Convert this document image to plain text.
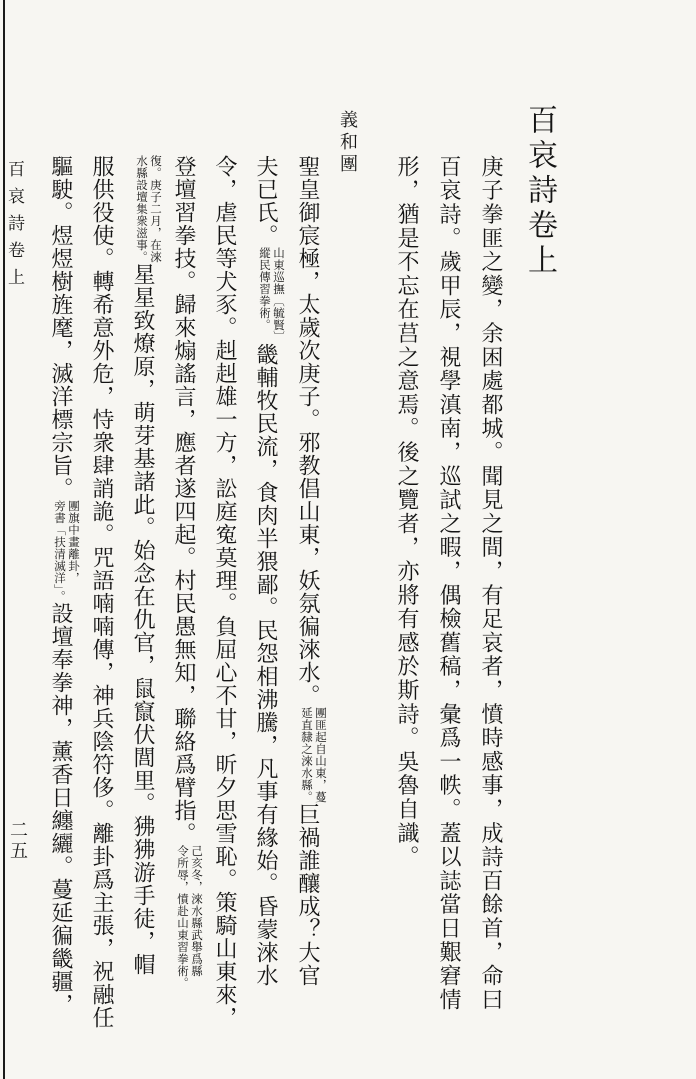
百哀詩卷上
庚子拳匪之變，余困處都城。聞見之間，有足哀者，憤時感事，成詩百餘首，命曰
百哀詩。歲甲辰，視學滇南，巡試之暇，偶檢舊稿，彙爲一帙。蓋以誌當日艱窘情
形，猶是不忘在莒之意焉。後之覽者，亦將有感於斯詩。吳魯自識。
義和團
聖皇御宸極，太歲次庚子。邪教倡山東，妖氛徧淶水。
團匪起自山東，蔓
延直隸之淶水縣。
巨禍誰釀成？大官
夫已氏。
山東巡撫〔毓賢〕
縱民傳習拳術。
畿輔牧民流，食肉半猥鄙。民怨相沸騰，凡事有緣始。昏蒙淶水
令，虐民等犬豕。赳赳雄一方，訟庭寃莫理。負屈心不甘，昕夕思雪恥。策騎山東來，
登壇習拳技。歸來煽謠言，應者遂四起。村民愚無知，聯絡爲臂指。
己亥冬，淶水縣武舉爲縣
令所辱，憤赴山東習拳術。
復。庚子二月，在淶
水縣設壇集衆滋事。
星星致燎原，萌芽基諸此。始念在仇官，鼠竄伏閭里。狒狒游手徒，帽
服供役使。轉希意外危，恃衆肆誚詭。咒語喃喃傳，神兵陰符侈。離卦爲主張，祝融任
驅駛。煜煜樹旌麾，滅洋標宗旨。
團旗中畫離卦，
旁書「扶清滅洋」。
設壇奉拳神，薰香日纏纚。蔓延徧畿疆，
百哀詩卷上
二五
